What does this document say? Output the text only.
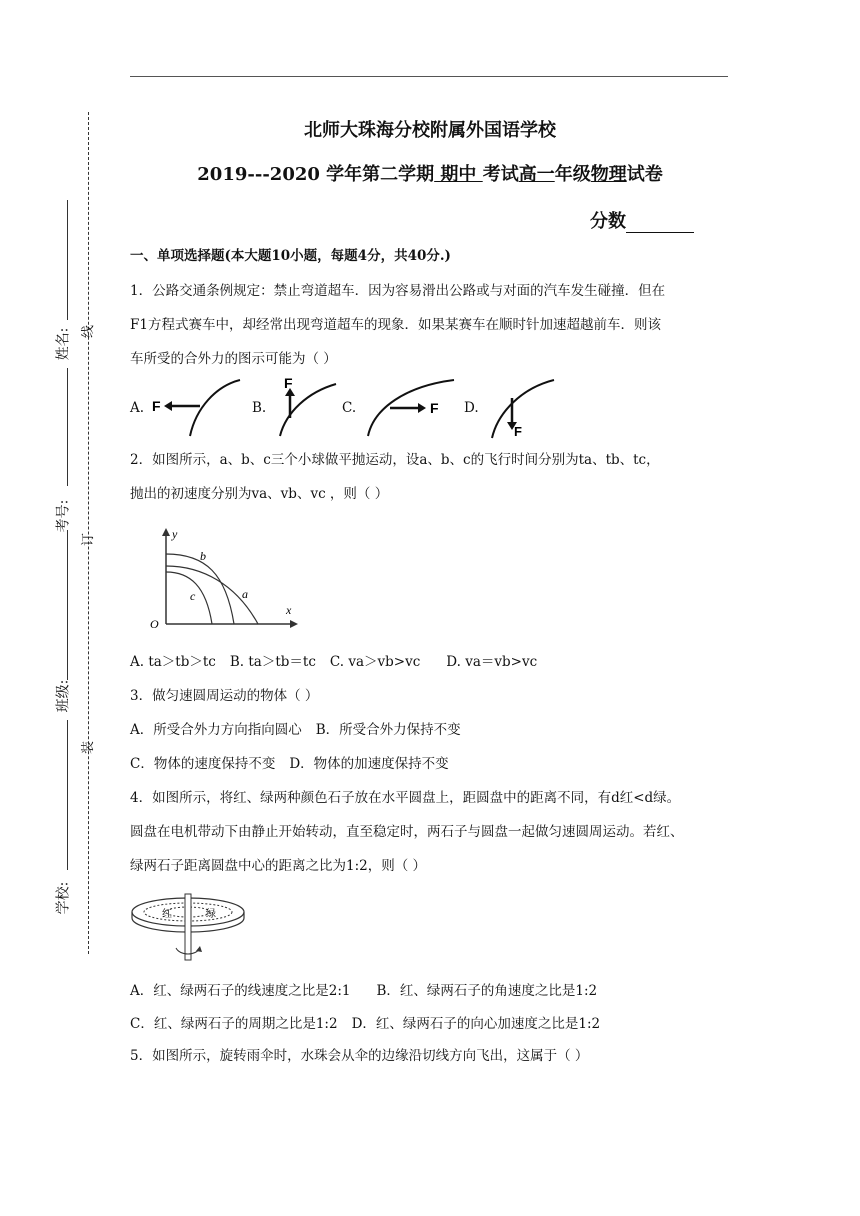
姓名:
考号:
班级:
学校:
线
订
装
北师大珠海分校附属外国语学校
2019---2020 学年第二学期 期中 考试高一年级物理试卷
分数
一、单项选择题(本大题10小题，每题4分，共40分.)
1．公路交通条例规定：禁止弯道超车．因为容易滑出公路或与对面的汽车发生碰撞．但在
F1方程式赛车中，却经常出现弯道超车的现象．如果某赛车在顺时针加速超越前车．则该
车所受的合外力的图示可能为（ ）
A. F	B.
F
C.	F D.
F
2．如图所示，a、b、c三个小球做平抛运动，设a、b、c的飞行时间分别为ta、tb、tc，
抛出的初速度分别为va、vb、vc ，则（ ）
y
x
O
b
a
c
A. ta＞tb＞tc B. ta＞tb＝tc C. va＞vb>vc D. va＝vb>vc
3．做匀速圆周运动的物体（ ）
A．所受合外力方向指向圆心 B．所受合外力保持不变
C．物体的速度保持不变 D．物体的加速度保持不变
4．如图所示，将红、绿两种颜色石子放在水平圆盘上，距圆盘中的距离不同，有d红<d绿。
圆盘在电机带动下由静止开始转动，直至稳定时，两石子与圆盘一起做匀速圆周运动。若红、
绿两石子距离圆盘中心的距离之比为1:2，则（ ）
红	绿
A．红、绿两石子的线速度之比是2:1 B．红、绿两石子的角速度之比是1:2
C．红、绿两石子的周期之比是1:2 D．红、绿两石子的向心加速度之比是1:2
5．如图所示，旋转雨伞时，水珠会从伞的边缘沿切线方向飞出，这属于（ ）
